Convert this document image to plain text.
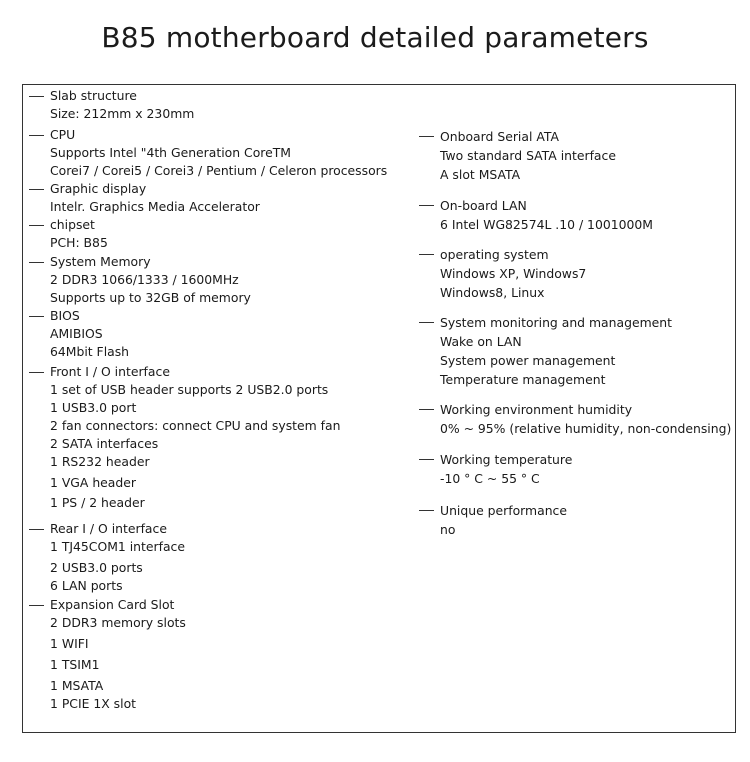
B85 motherboard detailed parameters
Slab structure
Size: 212mm x 230mm
CPU
Supports Intel "4th Generation CoreTM
Corei7 / Corei5 / Corei3 / Pentium / Celeron processors
Graphic display
Intelr. Graphics Media Accelerator
chipset
PCH: B85
System Memory
2 DDR3 1066/1333 / 1600MHz
Supports up to 32GB of memory
BIOS
AMIBIOS
64Mbit Flash
Front I / O interface
1 set of USB header supports 2 USB2.0 ports
1 USB3.0 port
2 fan connectors: connect CPU and system fan
2 SATA interfaces
1 RS232 header
1 VGA header
1 PS / 2 header
Rear I / O interface
1 TJ45COM1 interface
2 USB3.0 ports
6 LAN ports
Expansion Card Slot
2 DDR3 memory slots
1 WIFI
1 TSIM1
1 MSATA
1 PCIE 1X slot
Onboard Serial ATA
Two standard SATA interface
A slot MSATA
On-board LAN
6 Intel WG82574L .10 / 1001000M
operating system
Windows XP, Windows7
Windows8, Linux
System monitoring and management
Wake on LAN
System power management
Temperature management
Working environment humidity
0% ~ 95% (relative humidity, non-condensing)
Working temperature
-10 ° C ~ 55 ° C
Unique performance
no
